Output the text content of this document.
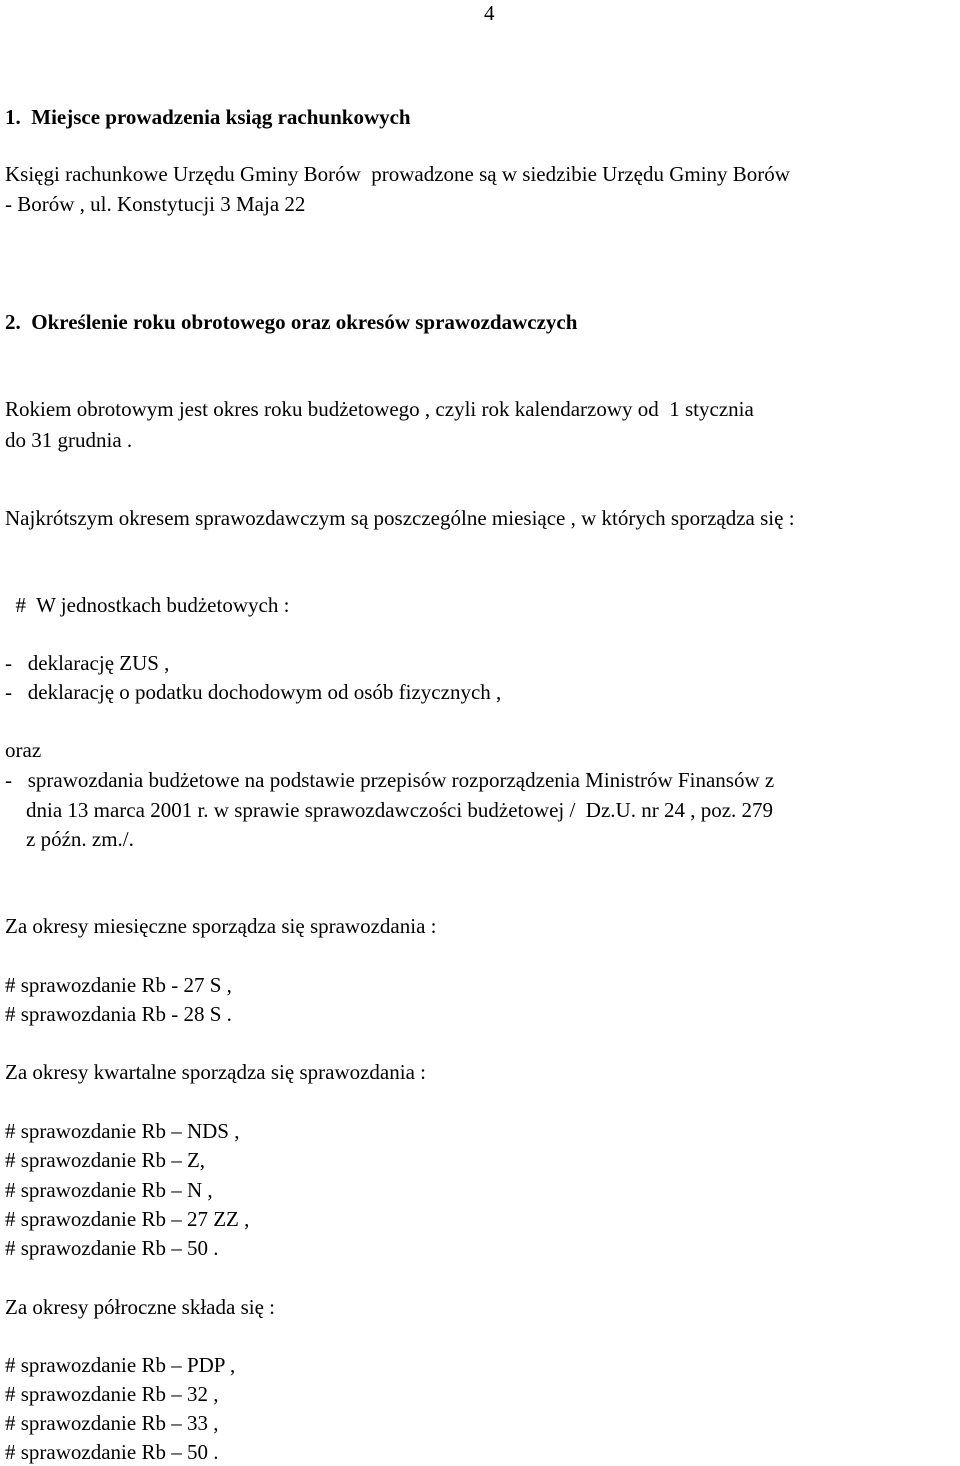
4
1.  Miejsce prowadzenia ksiąg rachunkowych
Księgi rachunkowe Urzędu Gminy Borów  prowadzone są w siedzibie Urzędu Gminy Borów
- Borów , ul. Konstytucji 3 Maja 22
2.  Określenie roku obrotowego oraz okresów sprawozdawczych
Rokiem obrotowym jest okres roku budżetowego , czyli rok kalendarzowy od  1 stycznia
do 31 grudnia .
Najkrótszym okresem sprawozdawczym są poszczególne miesiące , w których sporządza się :
#  W jednostkach budżetowych :
-   deklarację ZUS ,
-   deklarację o podatku dochodowym od osób fizycznych ,
oraz
-   sprawozdania budżetowe na podstawie przepisów rozporządzenia Ministrów Finansów z
dnia 13 marca 2001 r. w sprawie sprawozdawczości budżetowej /  Dz.U. nr 24 , poz. 279
z późn. zm./.
Za okresy miesięczne sporządza się sprawozdania :
# sprawozdanie Rb - 27 S ,
# sprawozdania Rb - 28 S .
Za okresy kwartalne sporządza się sprawozdania :
# sprawozdanie Rb – NDS ,
# sprawozdanie Rb – Z,
# sprawozdanie Rb – N ,
# sprawozdanie Rb – 27 ZZ ,
# sprawozdanie Rb – 50 .
Za okresy półroczne składa się :
# sprawozdanie Rb – PDP ,
# sprawozdanie Rb – 32 ,
# sprawozdanie Rb – 33 ,
# sprawozdanie Rb – 50 .
